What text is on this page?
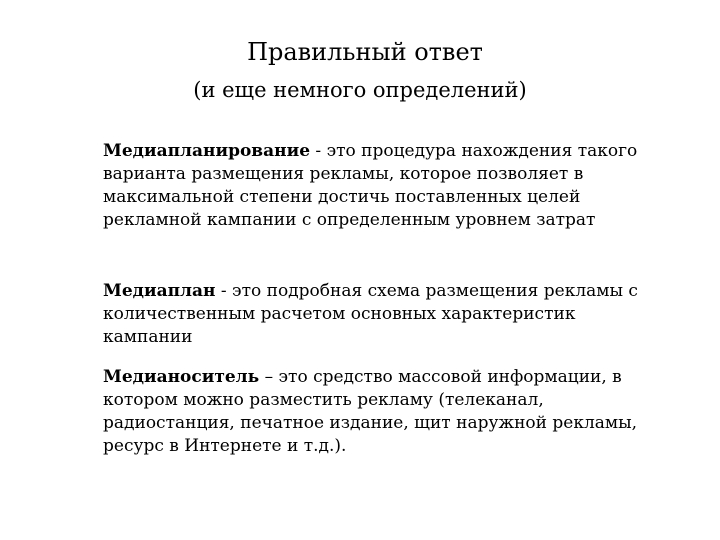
Правильный ответ
(и еще немного определений)
Медиапланирование - это процедура нахождения такого варианта размещения рекламы, которое позволяет в максимальной степени достичь поставленных целей рекламной кампании с определенным уровнем затрат
Медиаплан - это подробная схема размещения рекламы с количественным расчетом основных характеристик кампании
Медианоситель – это средство массовой информации, в котором можно разместить рекламу (телеканал, радиостанция, печатное издание, щит наружной рекламы, ресурс в Интернете и т.д.).
